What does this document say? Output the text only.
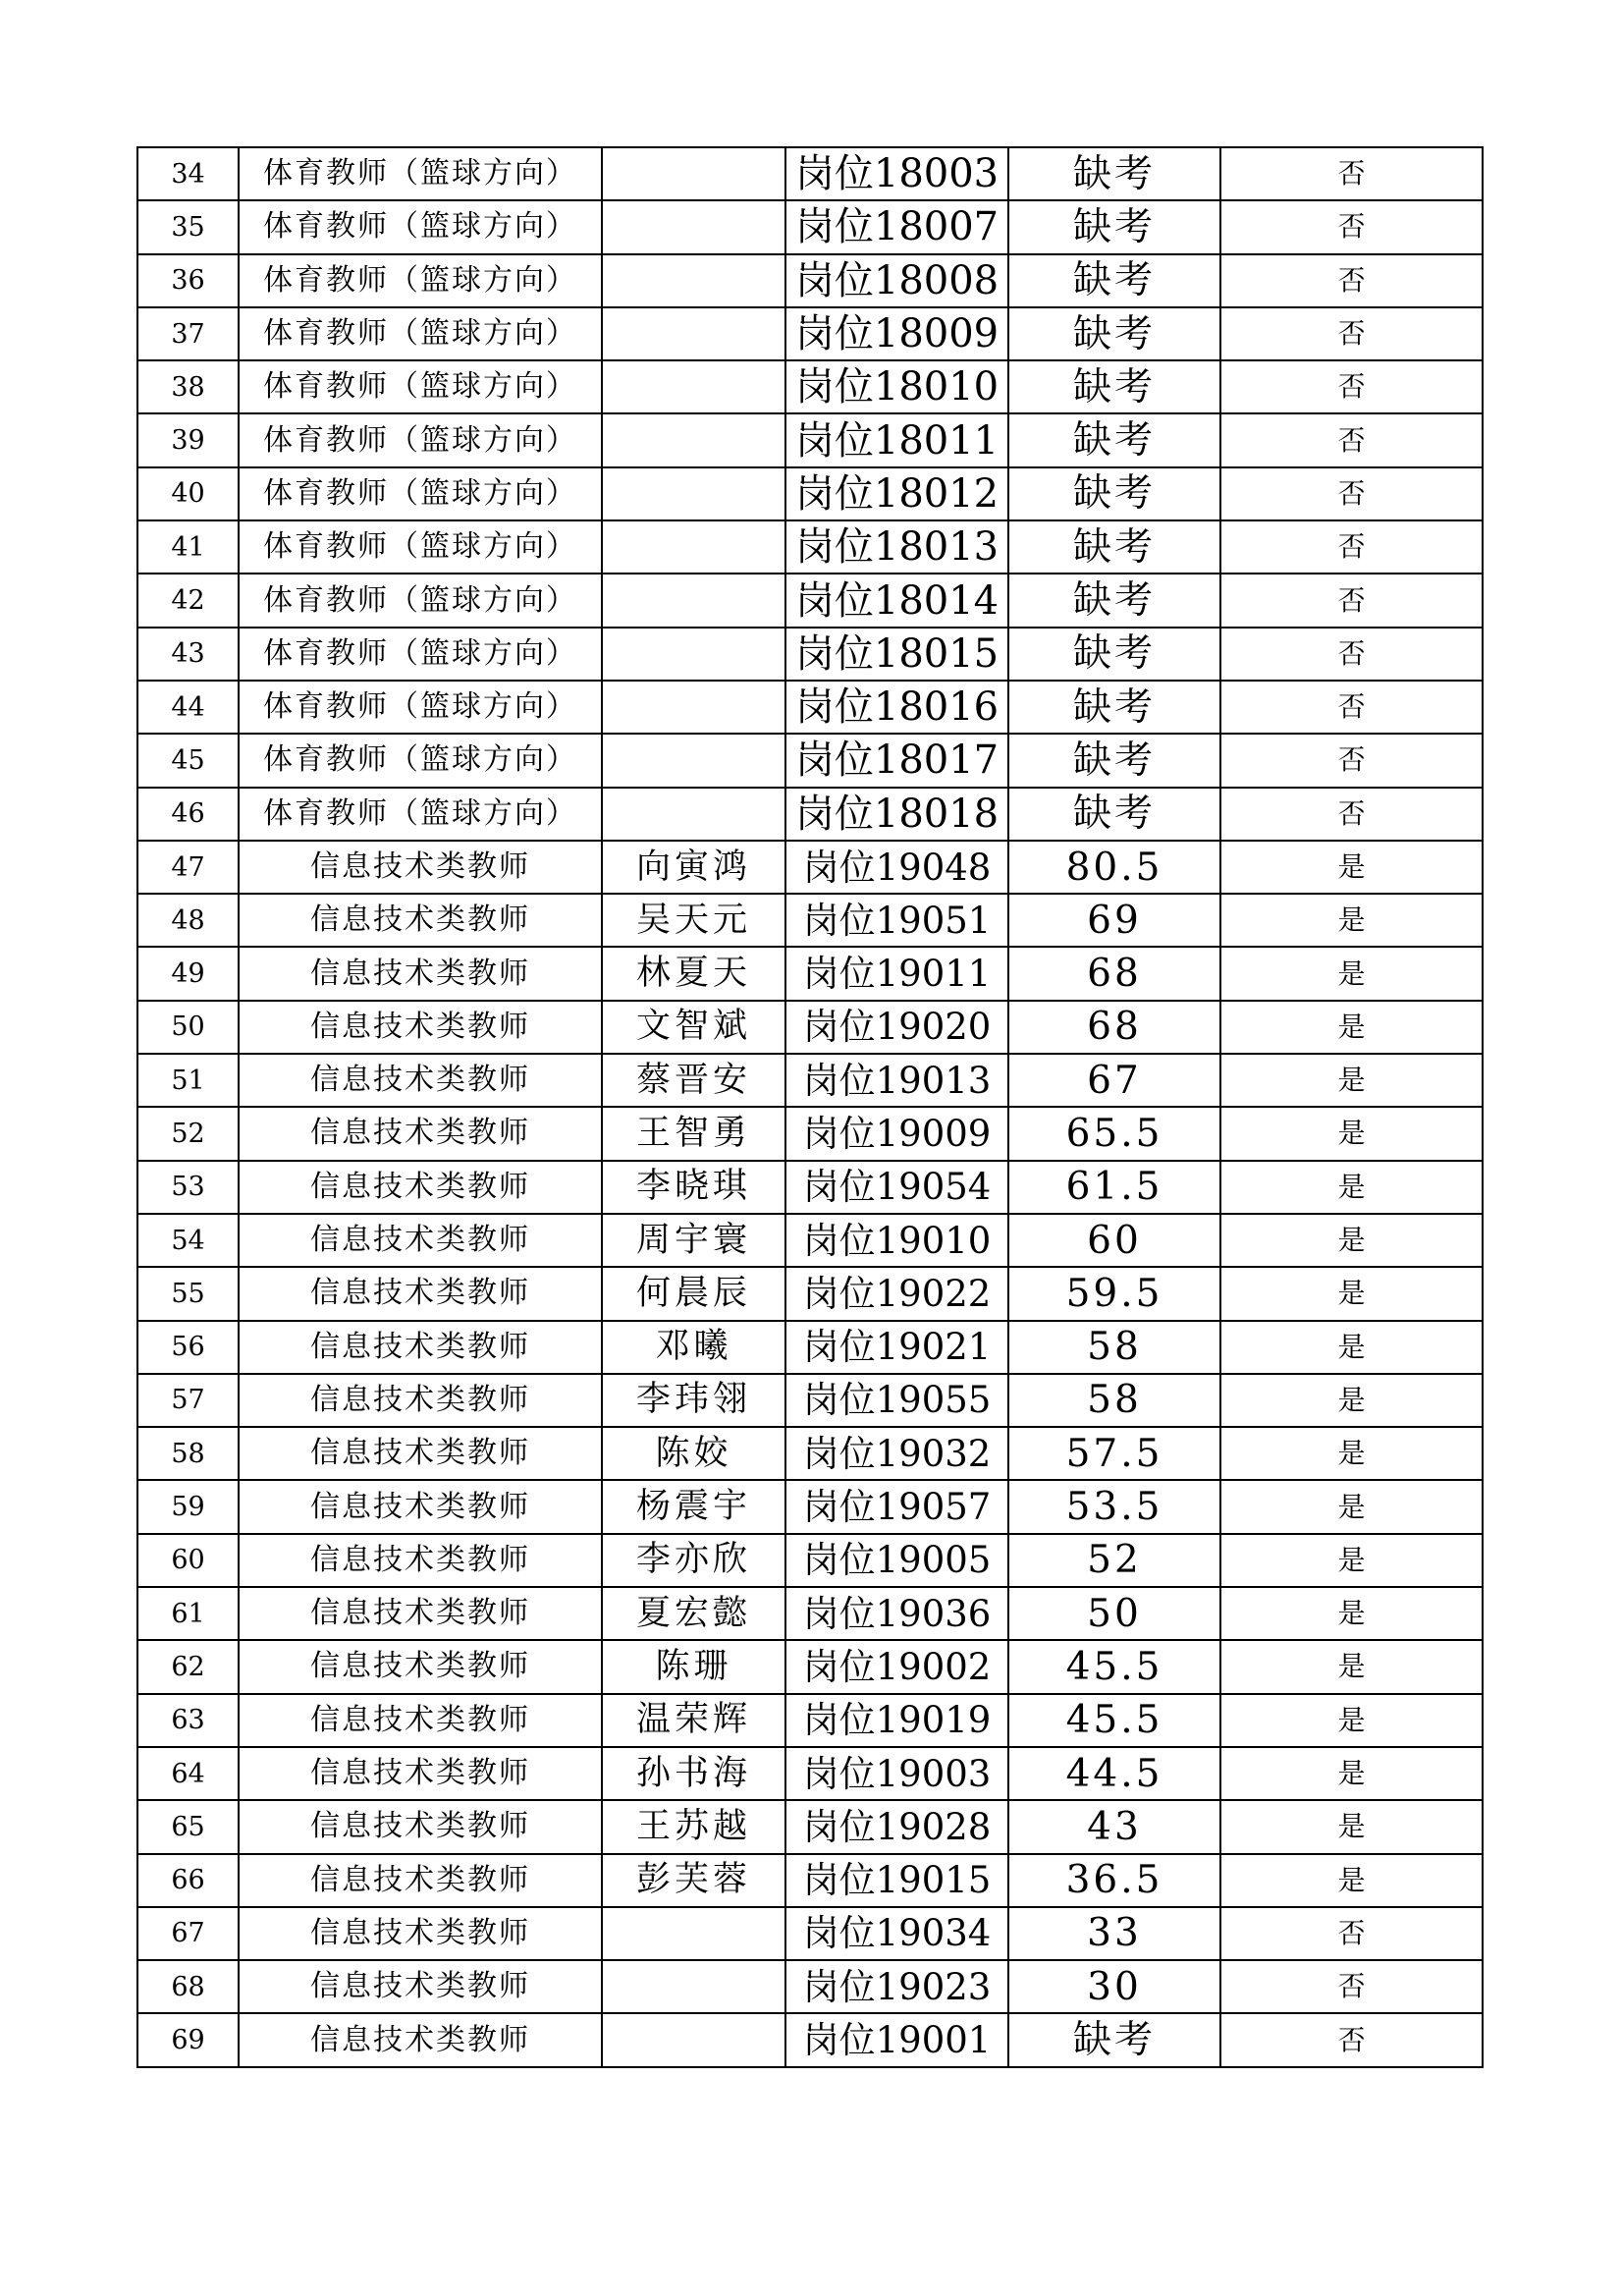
34	体育教师（篮球方向）		岗位18003	缺考	否
35	体育教师（篮球方向）		岗位18007	缺考	否
36	体育教师（篮球方向）		岗位18008	缺考	否
37	体育教师（篮球方向）		岗位18009	缺考	否
38	体育教师（篮球方向）		岗位18010	缺考	否
39	体育教师（篮球方向）		岗位18011	缺考	否
40	体育教师（篮球方向）		岗位18012	缺考	否
41	体育教师（篮球方向）		岗位18013	缺考	否
42	体育教师（篮球方向）		岗位18014	缺考	否
43	体育教师（篮球方向）		岗位18015	缺考	否
44	体育教师（篮球方向）		岗位18016	缺考	否
45	体育教师（篮球方向）		岗位18017	缺考	否
46	体育教师（篮球方向）		岗位18018	缺考	否
47	信息技术类教师	向寅鸿	岗位19048	80.5	是
48	信息技术类教师	吴天元	岗位19051	69	是
49	信息技术类教师	林夏天	岗位19011	68	是
50	信息技术类教师	文智斌	岗位19020	68	是
51	信息技术类教师	蔡晋安	岗位19013	67	是
52	信息技术类教师	王智勇	岗位19009	65.5	是
53	信息技术类教师	李晓琪	岗位19054	61.5	是
54	信息技术类教师	周宇寰	岗位19010	60	是
55	信息技术类教师	何晨辰	岗位19022	59.5	是
56	信息技术类教师	邓曦	岗位19021	58	是
57	信息技术类教师	李玮翎	岗位19055	58	是
58	信息技术类教师	陈姣	岗位19032	57.5	是
59	信息技术类教师	杨震宇	岗位19057	53.5	是
60	信息技术类教师	李亦欣	岗位19005	52	是
61	信息技术类教师	夏宏懿	岗位19036	50	是
62	信息技术类教师	陈珊	岗位19002	45.5	是
63	信息技术类教师	温荣辉	岗位19019	45.5	是
64	信息技术类教师	孙书海	岗位19003	44.5	是
65	信息技术类教师	王苏越	岗位19028	43	是
66	信息技术类教师	彭芙蓉	岗位19015	36.5	是
67	信息技术类教师		岗位19034	33	否
68	信息技术类教师		岗位19023	30	否
69	信息技术类教师		岗位19001	缺考	否
